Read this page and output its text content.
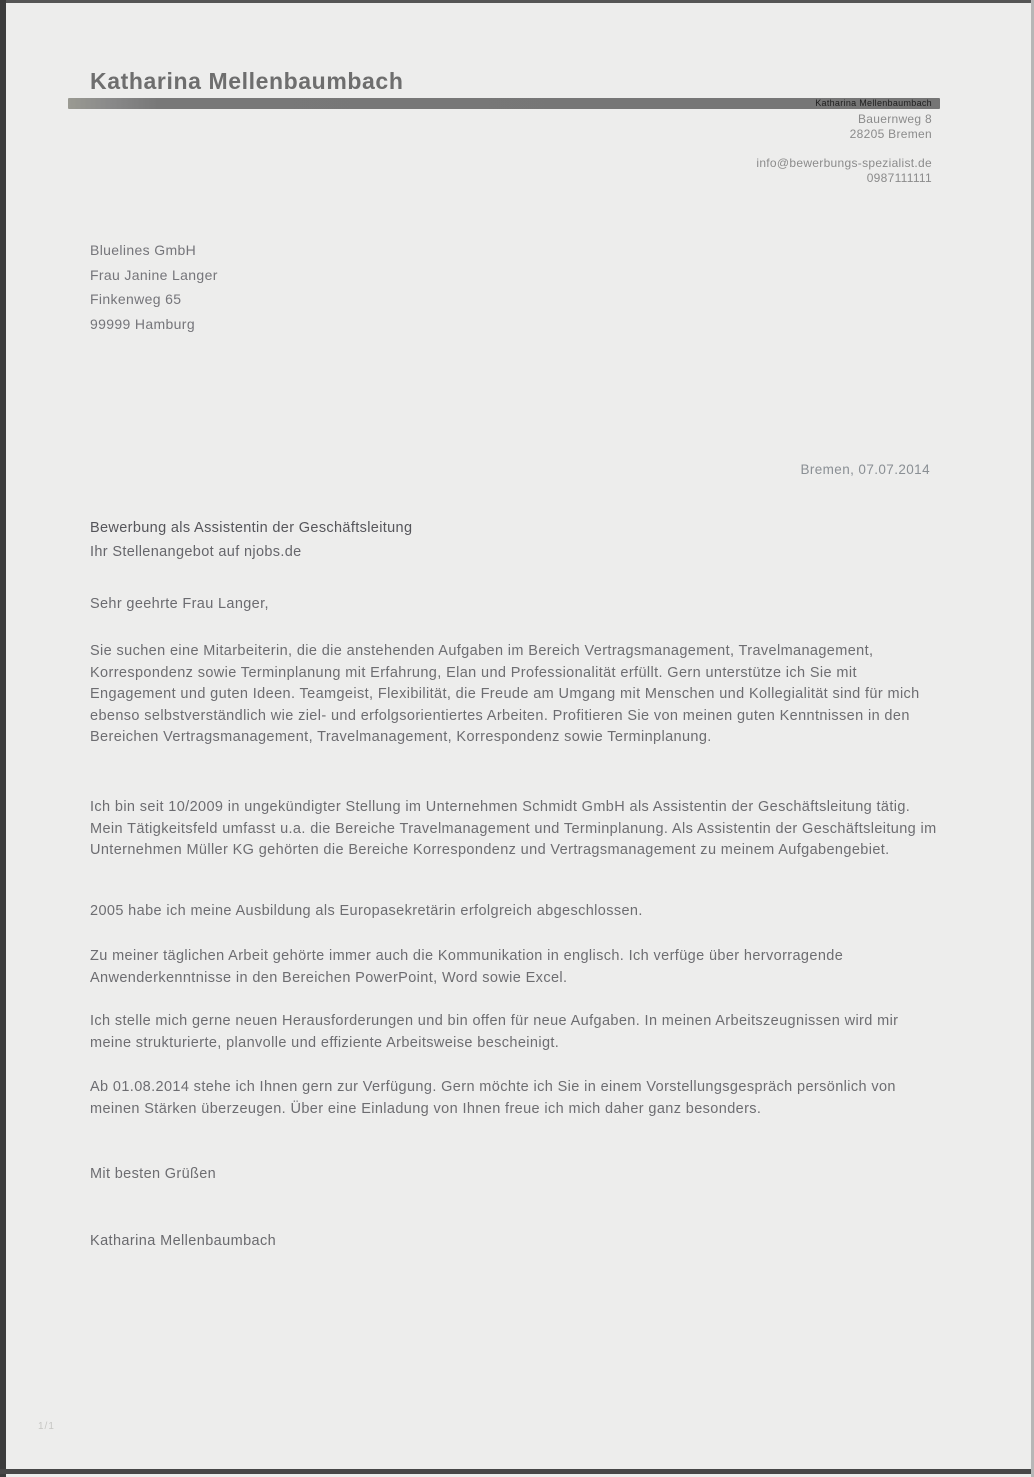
Katharina Mellenbaumbach
Katharina Mellenbaumbach
Bauernweg 8
28205 Bremen
info@bewerbungs-spezialist.de
0987111111
Bluelines GmbH
Frau Janine Langer
Finkenweg 65
99999 Hamburg
Bremen, 07.07.2014
Bewerbung als Assistentin der Geschäftsleitung
Ihr Stellenangebot auf njobs.de
Sehr geehrte Frau Langer,
Sie suchen eine Mitarbeiterin, die die anstehenden Aufgaben im Bereich Vertragsmanagement, Travelmanagement, Korrespondenz sowie Terminplanung mit Erfahrung, Elan und Professionalität erfüllt. Gern unterstütze ich Sie mit Engagement und guten Ideen. Teamgeist, Flexibilität, die Freude am Umgang mit Menschen und Kollegialität sind für mich ebenso selbstverständlich wie ziel- und erfolgsorientiertes Arbeiten. Profitieren Sie von meinen guten Kenntnissen in den Bereichen Vertragsmanagement, Travelmanagement, Korrespondenz sowie Terminplanung.
Ich bin seit 10/2009 in ungekündigter Stellung im Unternehmen Schmidt GmbH als Assistentin der Geschäftsleitung tätig. Mein Tätigkeitsfeld umfasst u.a. die Bereiche Travelmanagement und Terminplanung. Als Assistentin der Geschäftsleitung im Unternehmen Müller KG gehörten die Bereiche Korrespondenz und Vertragsmanagement zu meinem Aufgabengebiet.
2005 habe ich meine Ausbildung als Europasekretärin erfolgreich abgeschlossen.
Zu meiner täglichen Arbeit gehörte immer auch die Kommunikation in englisch. Ich verfüge über hervorragende Anwenderkenntnisse in den Bereichen PowerPoint, Word sowie Excel.
Ich stelle mich gerne neuen Herausforderungen und bin offen für neue Aufgaben. In meinen Arbeitszeugnissen wird mir meine strukturierte, planvolle und effiziente Arbeitsweise bescheinigt.
Ab 01.08.2014 stehe ich Ihnen gern zur Verfügung. Gern möchte ich Sie in einem Vorstellungsgespräch persönlich von meinen Stärken überzeugen. Über eine Einladung von Ihnen freue ich mich daher ganz besonders.
Mit besten Grüßen
Katharina Mellenbaumbach
1/1
